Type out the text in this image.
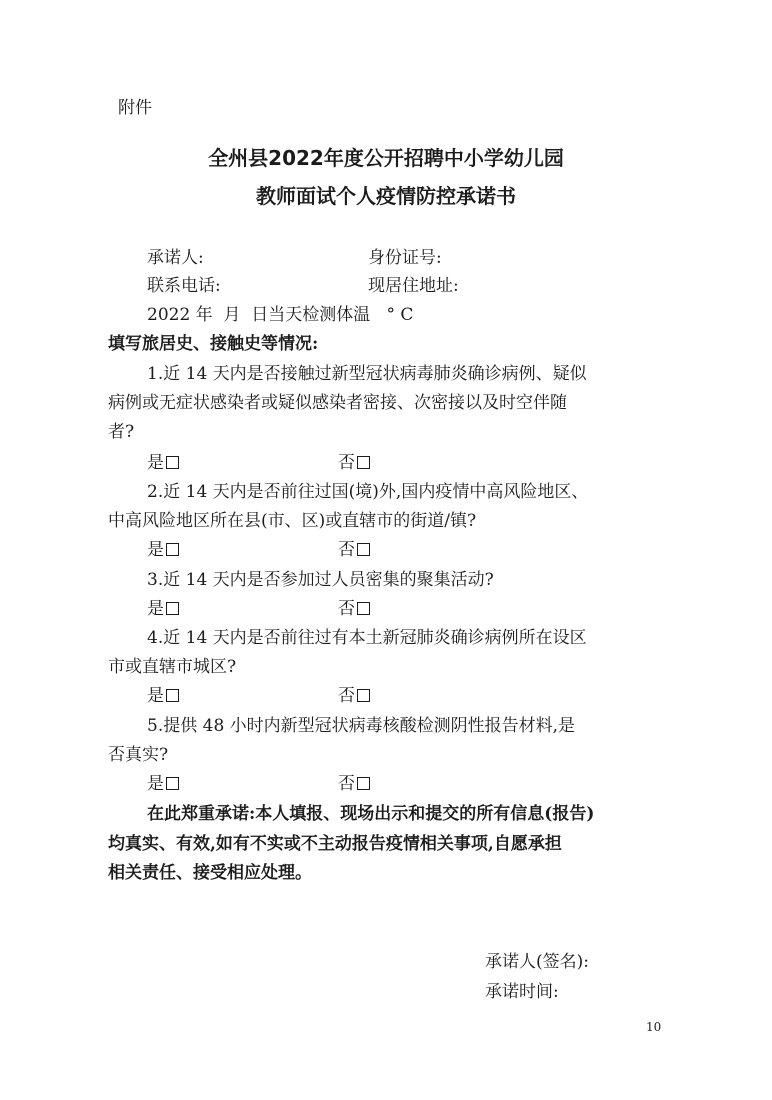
附件
全州县2022年度公开招聘中小学幼儿园
教师面试个人疫情防控承诺书
承诺人:	身份证号:
联系电话:	现居住地址:
2022 年  月  日当天检测体温   ° C
填写旅居史、接触史等情况:
1.近 14 天内是否接触过新型冠状病毒肺炎确诊病例、疑似
病例或无症状感染者或疑似感染者密接、次密接以及时空伴随
者?
是	否
2.近 14 天内是否前往过国(境)外,国内疫情中高风险地区、
中高风险地区所在县(市、区)或直辖市的街道/镇?
是	否
3.近 14 天内是否参加过人员密集的聚集活动?
是	否
4.近 14 天内是否前往过有本土新冠肺炎确诊病例所在设区
市或直辖市城区?
是	否
5.提供 48 小时内新型冠状病毒核酸检测阴性报告材料,是
否真实?
是	否
在此郑重承诺:本人填报、现场出示和提交的所有信息(报告)
均真实、有效,如有不实或不主动报告疫情相关事项,自愿承担
相关责任、接受相应处理。
承诺人(签名):
承诺时间:
10
